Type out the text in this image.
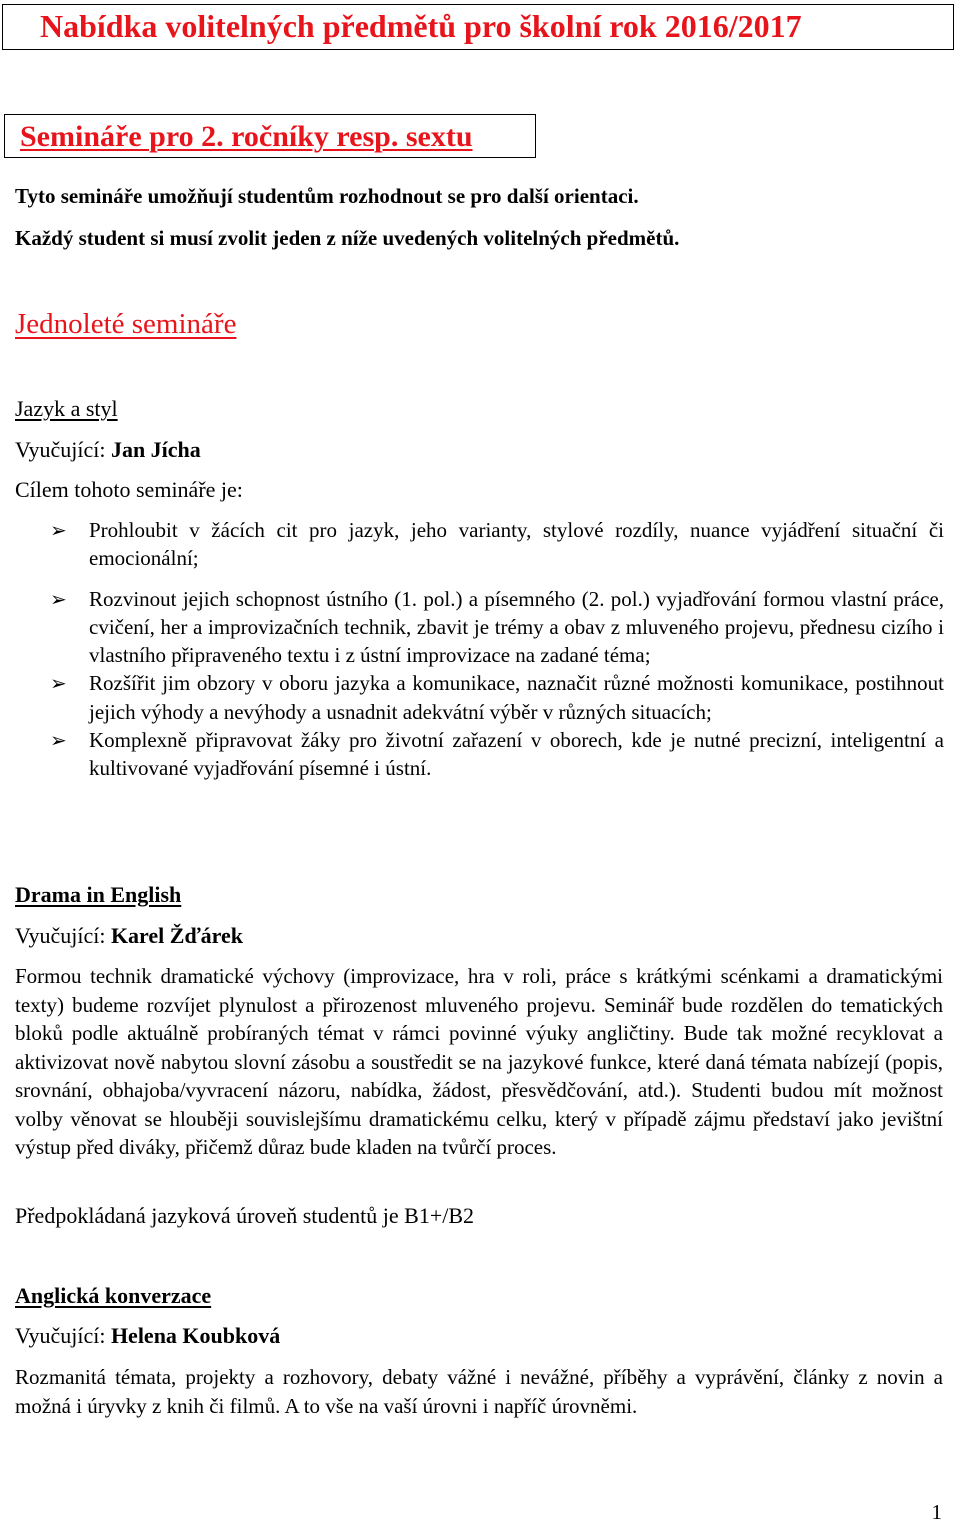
Nabídka volitelných předmětů pro školní rok 2016/2017
Semináře pro 2. ročníky resp. sextu
Tyto semináře umožňují studentům rozhodnout se pro další orientaci.
Každý student si musí zvolit jeden z níže uvedených volitelných předmětů.
Jednoleté semináře
Jazyk a styl
Vyučující: Jan Jícha
Cílem tohoto semináře je:
➢ Prohloubit v žácích cit pro jazyk, jeho varianty, stylové rozdíly, nuance vyjádření situační či emocionální;
➢ Rozvinout jejich schopnost ústního (1. pol.) a písemného (2. pol.) vyjadřování formou vlastní práce, cvičení, her a improvizačních technik, zbavit je trémy a obav z mluveného projevu, přednesu cizího i vlastního připraveného textu i z ústní improvizace na zadané téma;
➢ Rozšířit jim obzory v oboru jazyka a komunikace, naznačit různé možnosti komunikace, postihnout jejich výhody a nevýhody a usnadnit adekvátní výběr v různých situacích;
➢ Komplexně připravovat žáky pro životní zařazení v oborech, kde je nutné precizní, inteligentní a kultivované vyjadřování písemné i ústní.
Drama in English
Vyučující: Karel Žďárek
Formou technik dramatické výchovy (improvizace, hra v roli, práce s krátkými scénkami a dramatickými texty) budeme rozvíjet plynulost a přirozenost mluveného projevu. Seminář bude rozdělen do tematických bloků podle aktuálně probíraných témat v rámci povinné výuky angličtiny. Bude tak možné recyklovat a aktivizovat nově nabytou slovní zásobu a soustředit se na jazykové funkce, které daná témata nabízejí (popis, srovnání, obhajoba/vyvracení názoru, nabídka, žádost, přesvědčování, atd.). Studenti budou mít možnost volby věnovat se hlouběji souvislejšímu dramatickému celku, který v případě zájmu představí jako jevištní výstup před diváky, přičemž důraz bude kladen na tvůrčí proces.
Předpokládaná jazyková úroveň studentů je B1+/B2
Anglická konverzace
Vyučující: Helena Koubková
Rozmanitá témata, projekty a rozhovory, debaty vážné i nevážné, příběhy a vyprávění, články z novin a možná i úryvky z knih či filmů. A to vše na vaší úrovni i napříč úrovněmi.
1
